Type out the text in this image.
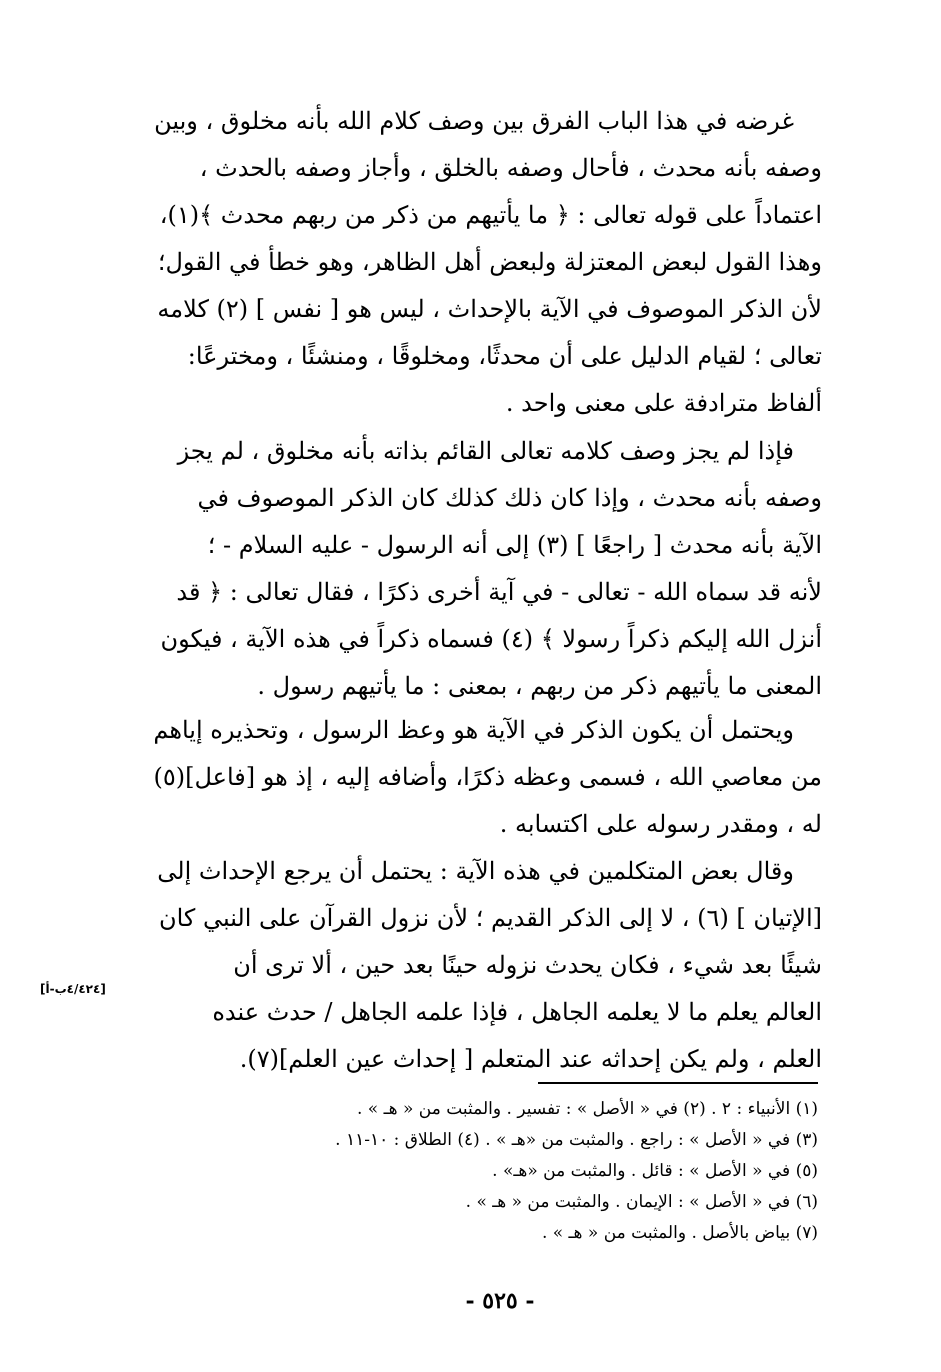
غرضه في هذا الباب الفرق بين وصف كلام الله بأنه مخلوق ، وبين
وصفه بأنه محدث ، فأحال وصفه بالخلق ، وأجاز وصفه بالحدث ،
اعتماداً على قوله تعالى : ﴿ ما يأتيهم من ذكر من ربهم محدث ﴾(١)،
وهذا القول لبعض المعتزلة ولبعض أهل الظاهر، وهو خطأ في القول؛
لأن الذكر الموصوف في الآية بالإحداث ، ليس هو [ نفس ] (٢) كلامه
تعالى ؛ لقيام الدليل على أن محدثًا، ومخلوقًا ، ومنشئًا ، ومخترعًا:
ألفاظ مترادفة على معنى واحد .
فإذا لم يجز وصف كلامه تعالى القائم بذاته بأنه مخلوق ، لم يجز
وصفه بأنه محدث ، وإذا كان ذلك كذلك كان الذكر الموصوف في
الآية بأنه محدث [ راجعًا ] (٣) إلى أنه الرسول - عليه السلام - ؛
لأنه قد سماه الله - تعالى - في آية أخرى ذكرًا ، فقال تعالى : ﴿ قد
أنزل الله إليكم ذكراً رسولا ﴾ (٤) فسماه ذكراً في هذه الآية ، فيكون
المعنى ما يأتيهم ذكر من ربهم ، بمعنى : ما يأتيهم رسول .
ويحتمل أن يكون الذكر في الآية هو وعظ الرسول ، وتحذيره إياهم
من معاصي الله ، فسمى وعظه ذكرًا، وأضافه إليه ، إذ هو [فاعل](٥)
له ، ومقدر رسوله على اكتسابه .
وقال بعض المتكلمين في هذه الآية : يحتمل أن يرجع الإحداث إلى
[الإتيان ] (٦) ، لا إلى الذكر القديم ؛ لأن نزول القرآن على النبي كان
شيئًا بعد شيء ، فكان يحدث نزوله حينًا بعد حين ، ألا ترى أن
العالم يعلم ما لا يعلمه الجاهل ، فإذا علمه الجاهل / حدث عنده
العلم ، ولم يكن إحداثه عند المتعلم [ إحداث عين العلم](٧).
[٤/٤٢٤ب-أ]
(١) الأنبياء : ٢ . (٢) في « الأصل » : تفسير . والمثبت من « هـ » .
(٣) في « الأصل » : راجع . والمثبت من «هـ » . (٤) الطلاق : ١٠-١١ .
(٥) في « الأصل » : قائل . والمثبت من «هـ» .
(٦) في « الأصل » : الإيمان . والمثبت من « هـ » .
(٧) بياض بالأصل . والمثبت من « هـ » .
- ٥٢٥ -
